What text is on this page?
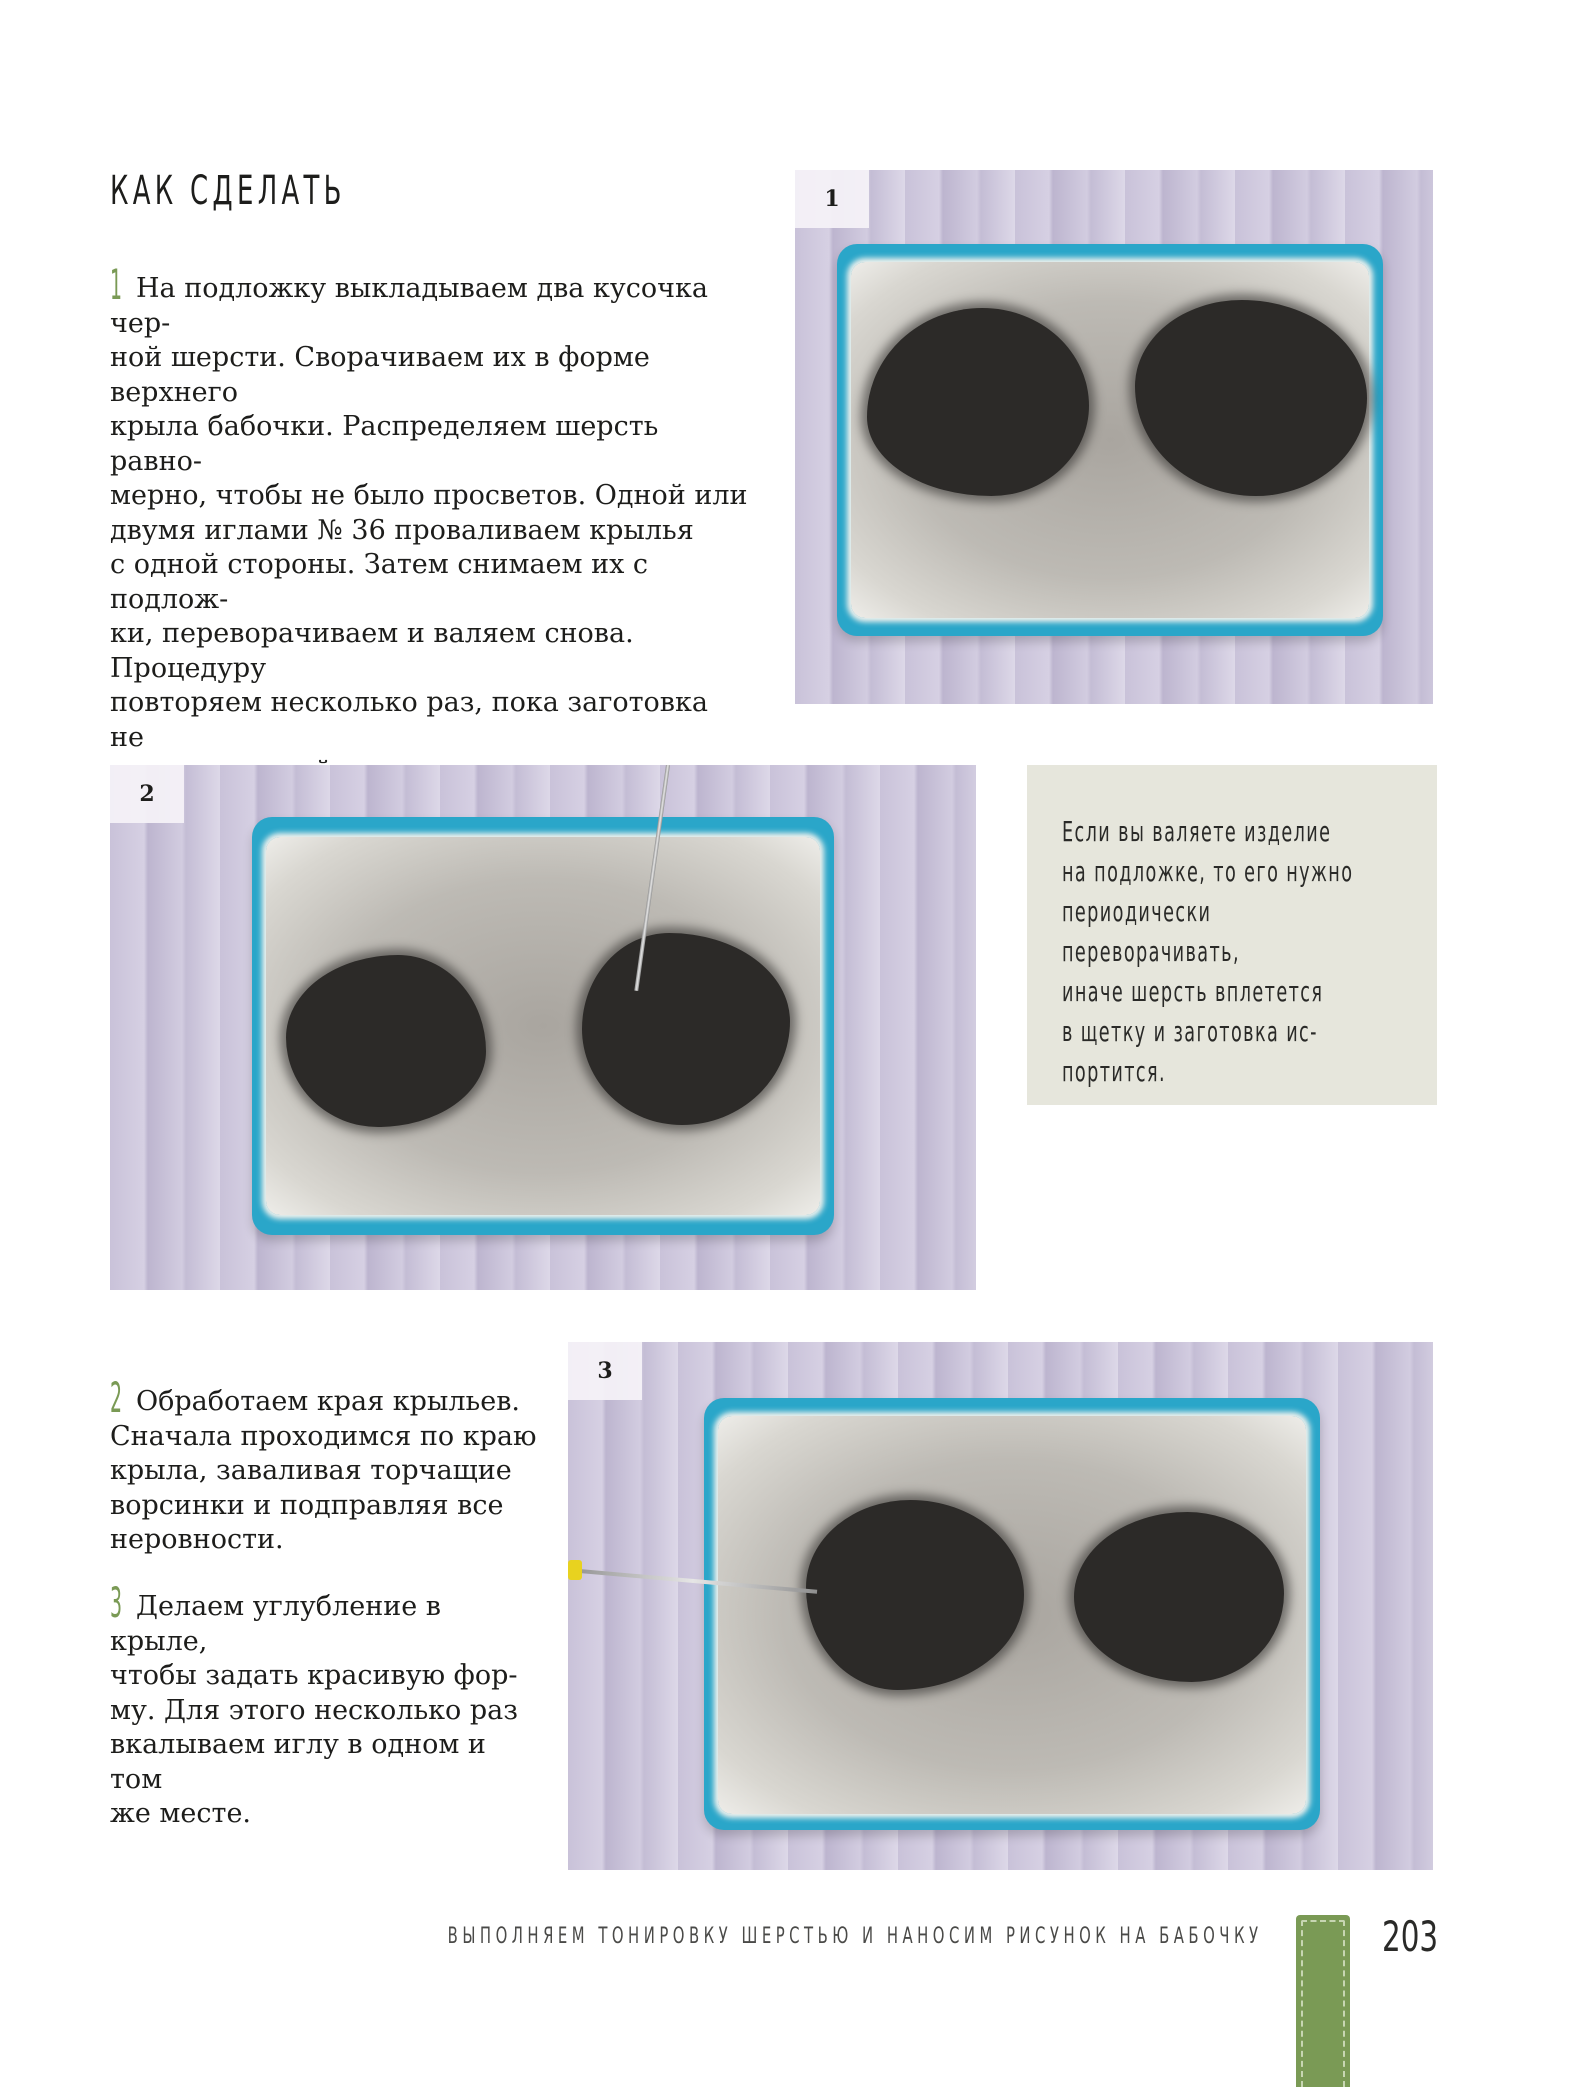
КАК СДЕЛАТЬ
1 На подложку выкладываем два кусочка чер-
ной шерсти. Сворачиваем их в форме верхнего
крыла бабочки. Распределяем шерсть равно-
мерно, чтобы не было просветов. Одной или
двумя иглами № 36 проваливаем крылья
с одной стороны. Затем снимаем их с подлож-
ки, переворачиваем и валяем снова. Процедуру
повторяем несколько раз, пока заготовка не

1
2
Если вы валяете изделие
на подложке, то его нужно
периодически переворачивать,
иначе шерсть вплетется
в щетку и заготовка ис-
портится.
2 Обработаем края крыльев.
Сначала проходимся по краю
крыла, заваливая торчащие
ворсинки и подправляя все
неровности.
3 Делаем углубление в крыле,
чтобы задать красивую фор-
му. Для этого несколько раз
вкалываем иглу в одном и том
же месте.
3
ВЫПОЛНЯЕМ ТОНИРОВКУ ШЕРСТЬЮ И НАНОСИМ РИСУНОК НА БАБОЧКУ	203
